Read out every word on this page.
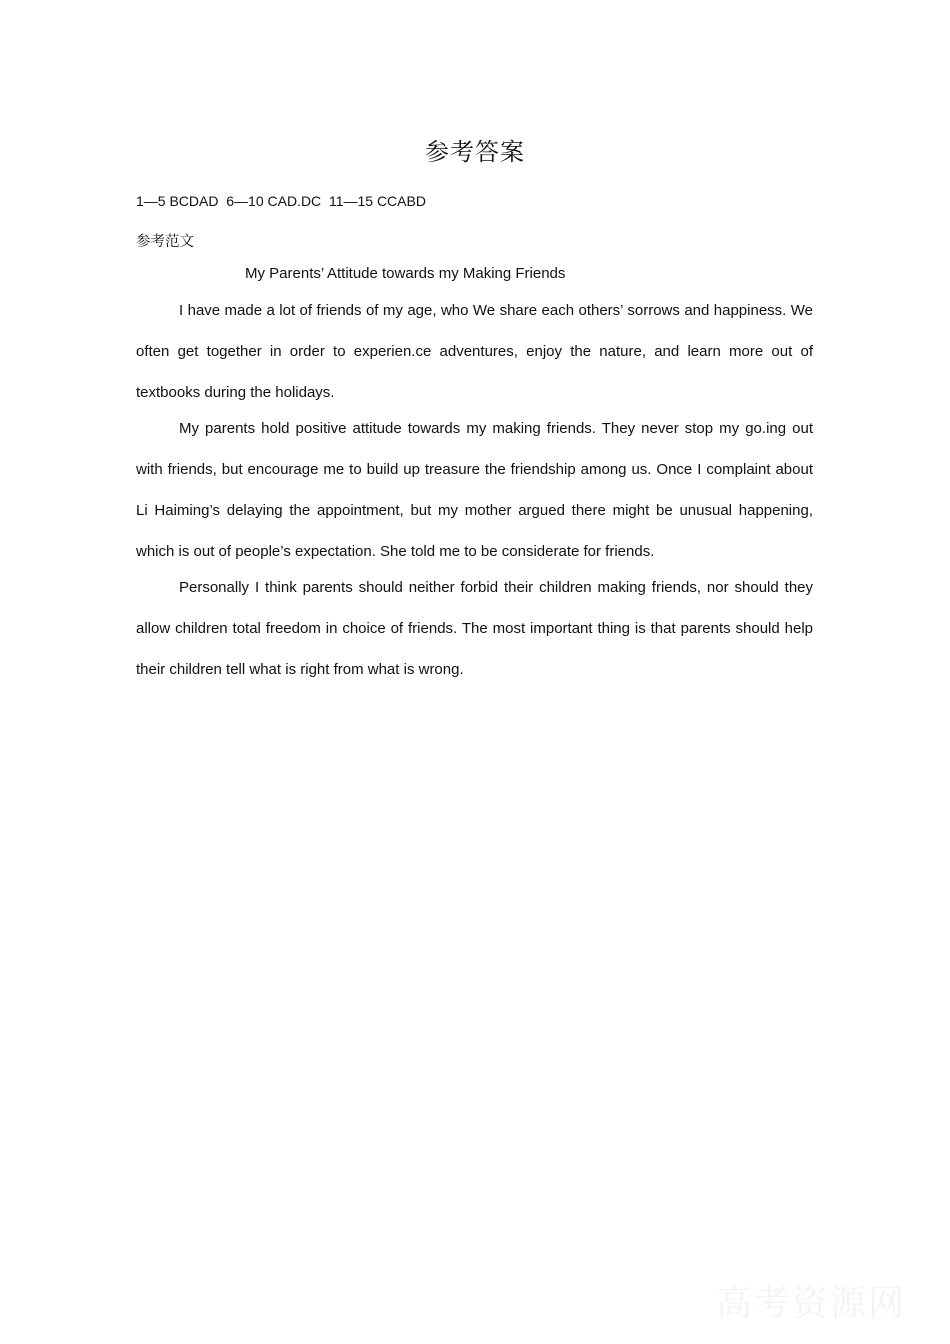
参考答案
1—5 BCDAD  6—10 CAD.DC  11—15 CCABD
参考范文
My Parents’ Attitude towards my Making Friends

I have made a lot of friends of my age, who We share each others’ sorrows and happiness. We often get together in order to experien.ce adventures, enjoy the nature, and learn more out of textbooks during the holidays.

My parents hold positive attitude towards my making friends. They never stop my go.ing out with friends, but encourage me to build up treasure the friendship among us. Once I complaint about Li Haiming’s delaying the appointment, but my mother argued there might be unusual happening, which is out of people’s expectation. She told me to be considerate for friends.

Personally I think parents should neither forbid their children making friends, nor should they allow children total freedom in choice of friends. The most important thing is that parents should help their children tell what is right from what is wrong.

高考资源网
